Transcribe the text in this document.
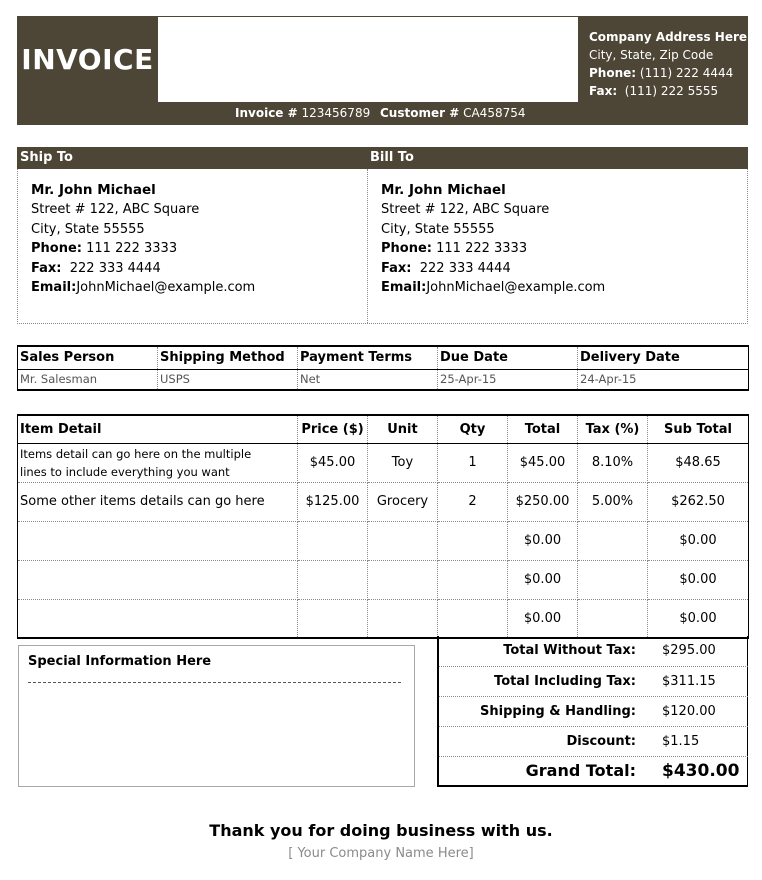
INVOICE	BUSINESS NAME HERE
Write Your Company Slogan Line Here
Company Address Here
City, State, Zip Code
Phone: (111) 222 4444
Fax: (111) 222 5555
Invoice # 123456789 Customer # CA458754
Ship To	Bill To
Mr. John Michael
Street # 122, ABC Square
City, State 55555
Phone: 111 222 3333
Fax: 222 333 4444
Email:JohnMichael@example.com
Mr. John Michael
Street # 122, ABC Square
City, State 55555
Phone: 111 222 3333
Fax: 222 333 4444
Email:JohnMichael@example.com
Sales Person	Shipping Method	Payment Terms	Due Date	Delivery Date
Mr. Salesman	USPS	Net	25-Apr-15	24-Apr-15
Item Detail	Price ($)	Unit	Qty	Total	Tax (%)	Sub Total

Items detail can go here on the multiple
lines to include everything you want	$45.00	Toy	1	$45.00	8.10%	$48.65
Some other items details can go here	$125.00	Grocery	2	$250.00	5.00%	$262.50
				$0.00		$0.00
				$0.00		$0.00
				$0.00		$0.00
Special Information Here
Total Without Tax: $295.00
Total Including Tax: $311.15
Shipping & Handling: $120.00
Discount: $1.15
Grand Total: $430.00
Thank you for doing business with us.
[ Your Company Name Here]
